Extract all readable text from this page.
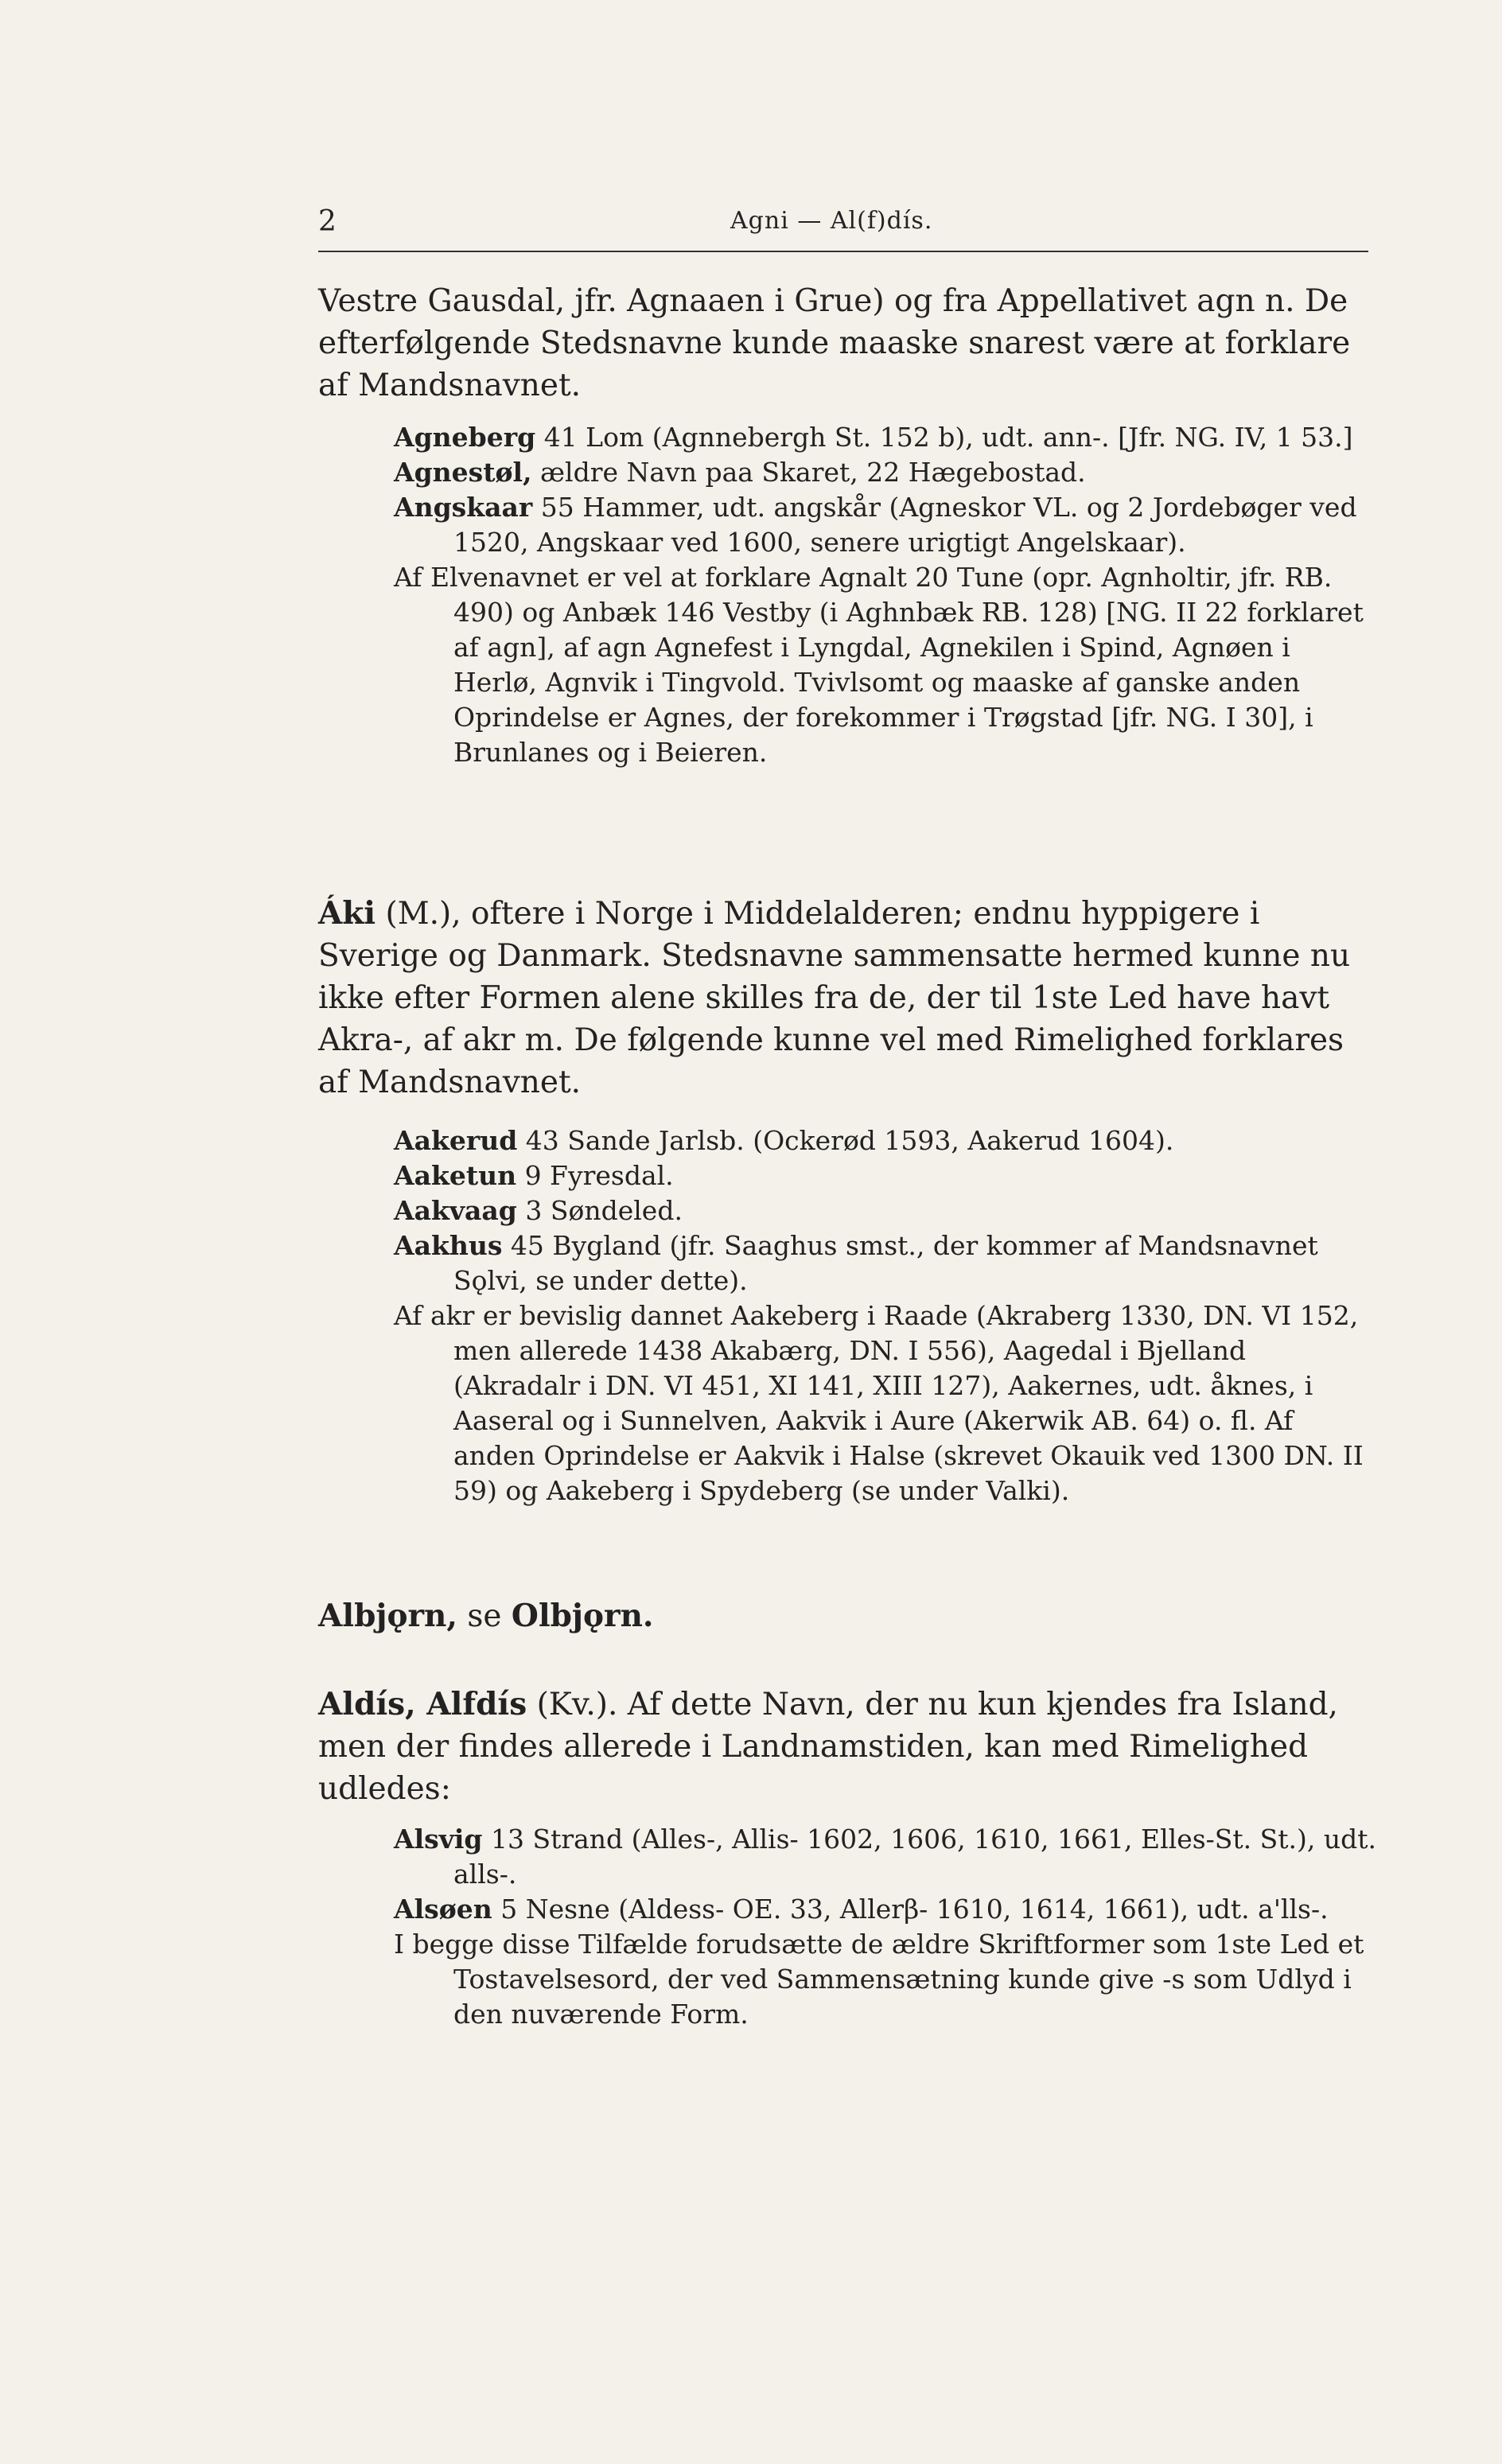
2	Agni — Al(f)dís.

Vestre Gausdal, jfr. Agnaaen i Grue) og fra Appellativet agn n. De efterfølgende Stedsnavne kunde maaske snarest være at forklare af Mandsnavnet.

Agneberg 41 Lom (Agnnebergh St. 152 b), udt. ann-. [Jfr. NG. IV, 1 53.]

Agnestøl, ældre Navn paa Skaret, 22 Hægebostad.

Angskaar 55 Hammer, udt. angskår (Agneskor VL. og 2 Jordebøger ved 1520, Angskaar ved 1600, senere urigtigt Angelskaar).

Af Elvenavnet er vel at forklare Agnalt 20 Tune (opr. Agnholtir, jfr. RB. 490) og Anbæk 146 Vestby (i Aghnbæk RB. 128) [NG. II 22 forklaret af agn], af agn Agnefest i Lyngdal, Agnekilen i Spind, Agnøen i Herlø, Agnvik i Tingvold. Tvivlsomt og maaske af ganske anden Oprindelse er Agnes, der forekommer i Trøgstad [jfr. NG. I 30], i Brunlanes og i Beieren.

Áki (M.), oftere i Norge i Middelalderen; endnu hyppigere i Sverige og Danmark. Stedsnavne sammensatte hermed kunne nu ikke efter Formen alene skilles fra de, der til 1ste Led have havt Akra-, af akr m. De følgende kunne vel med Rimelighed forklares af Mandsnavnet.

Aakerud 43 Sande Jarlsb. (Ockerød 1593, Aakerud 1604).

Aaketun 9 Fyresdal.

Aakvaag 3 Søndeled.

Aakhus 45 Bygland (jfr. Saaghus smst., der kommer af Mandsnavnet Sǫlvi, se under dette).

Af akr er bevislig dannet Aakeberg i Raade (Akraberg 1330, DN. VI 152, men allerede 1438 Akabærg, DN. I 556), Aagedal i Bjelland (Akradalr i DN. VI 451, XI 141, XIII 127), Aakernes, udt. åknes, i Aaseral og i Sunnelven, Aakvik i Aure (Akerwik AB. 64) o. fl. Af anden Oprindelse er Aakvik i Halse (skrevet Okauik ved 1300 DN. II 59) og Aakeberg i Spydeberg (se under Valki).

Albjǫrn, se Olbjǫrn.

Aldís, Alfdís (Kv.). Af dette Navn, der nu kun kjendes fra Island, men der findes allerede i Landnamstiden, kan med Rimelighed udledes:

Alsvig 13 Strand (Alles-, Allis- 1602, 1606, 1610, 1661, Elles-St. St.), udt. alls-.

Alsøen 5 Nesne (Aldess- OE. 33, Allerβ- 1610, 1614, 1661), udt. a'lls-.

I begge disse Tilfælde forudsætte de ældre Skriftformer som 1ste Led et Tostavelsesord, der ved Sammensætning kunde give -s som Udlyd i den nuværende Form.
